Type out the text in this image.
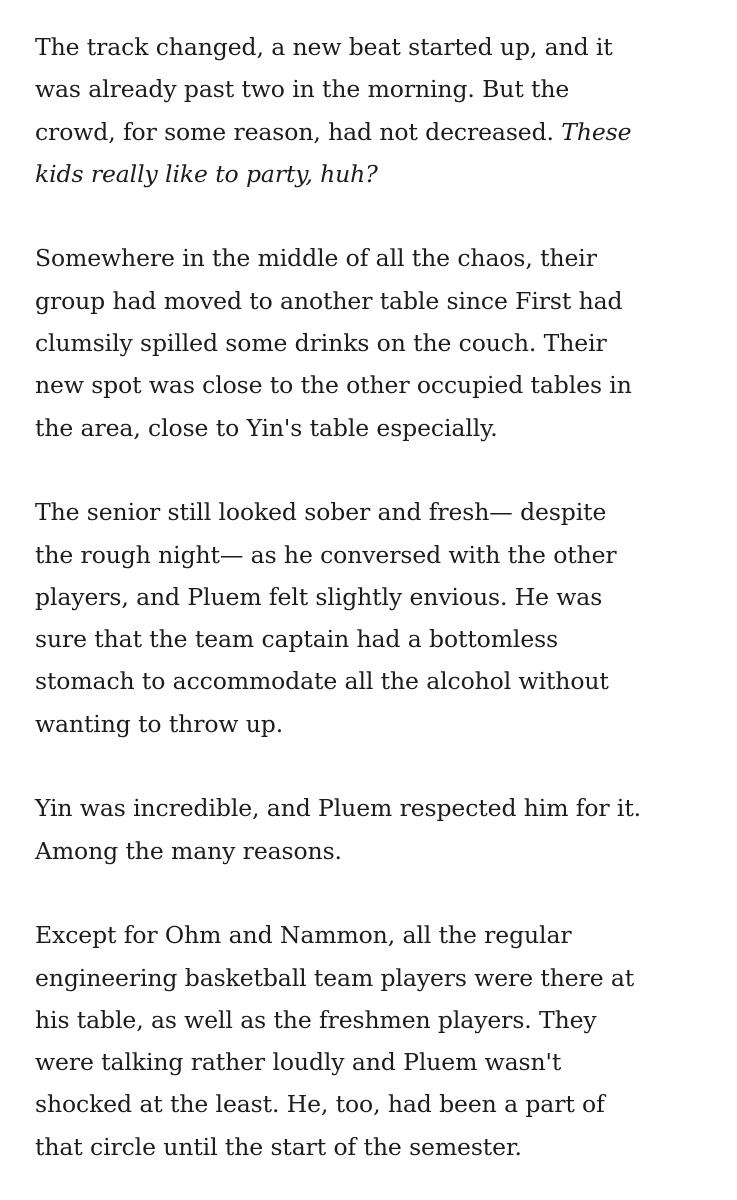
The track changed, a new beat started up, and it
was already past two in the morning. But the
crowd, for some reason, had not decreased. These
kids really like to party, huh?

Somewhere in the middle of all the chaos, their
group had moved to another table since First had
clumsily spilled some drinks on the couch. Their
new spot was close to the other occupied tables in
the area, close to Yin's table especially.

The senior still looked sober and fresh— despite
the rough night— as he conversed with the other
players, and Pluem felt slightly envious. He was
sure that the team captain had a bottomless
stomach to accommodate all the alcohol without
wanting to throw up.

Yin was incredible, and Pluem respected him for it.
Among the many reasons.

Except for Ohm and Nammon, all the regular
engineering basketball team players were there at
his table, as well as the freshmen players. They
were talking rather loudly and Pluem wasn't
shocked at the least. He, too, had been a part of
that circle until the start of the semester.
